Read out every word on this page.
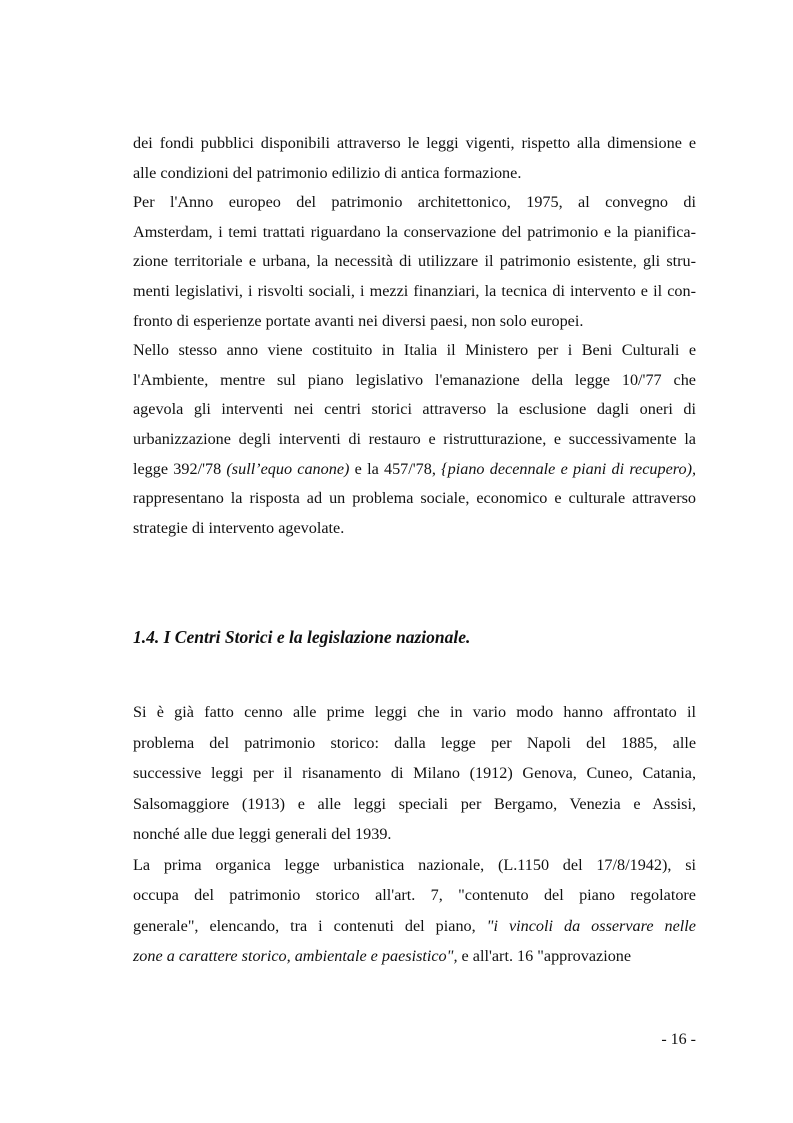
dei fondi pubblici disponibili attraverso le leggi vigenti, rispetto alla dimensione e
alle condizioni del patrimonio edilizio di antica formazione.
Per l'Anno europeo del patrimonio architettonico, 1975, al convegno di
Amsterdam, i temi trattati riguardano la conservazione del patrimonio e la pianifica-
zione territoriale e urbana, la necessità di utilizzare il patrimonio esistente, gli stru-
menti legislativi, i risvolti sociali, i mezzi finanziari, la tecnica di intervento e il con-
fronto di esperienze portate avanti nei diversi paesi, non solo europei.
Nello stesso anno viene costituito in Italia il Ministero per i Beni Culturali e
l'Ambiente, mentre sul piano legislativo l'emanazione della legge 10/'77 che
agevola gli interventi nei centri storici attraverso la esclusione dagli oneri di
urbanizzazione degli interventi di restauro e ristrutturazione, e successivamente la
legge 392/'78 (sull’equo canone) e la 457/'78, {piano decennale e piani di recupero),
rappresentano la risposta ad un problema sociale, economico e culturale attraverso
strategie di intervento agevolate.
1.4. I Centri Storici e la legislazione nazionale.
Si è già fatto cenno alle prime leggi che in vario modo hanno affrontato il
problema del patrimonio storico: dalla legge per Napoli del 1885, alle
successive leggi per il risanamento di Milano (1912) Genova, Cuneo, Catania,
Salsomaggiore (1913) e alle leggi speciali per Bergamo, Venezia e Assisi,
nonché alle due leggi generali del 1939.
La prima organica legge urbanistica nazionale, (L.1150 del 17/8/1942), si
occupa del patrimonio storico all'art. 7, "contenuto del piano regolatore
generale", elencando, tra i contenuti del piano, "i vincoli da osservare nelle
zone a carattere storico, ambientale e paesistico", e all'art. 16 "approvazione
- 16 -
